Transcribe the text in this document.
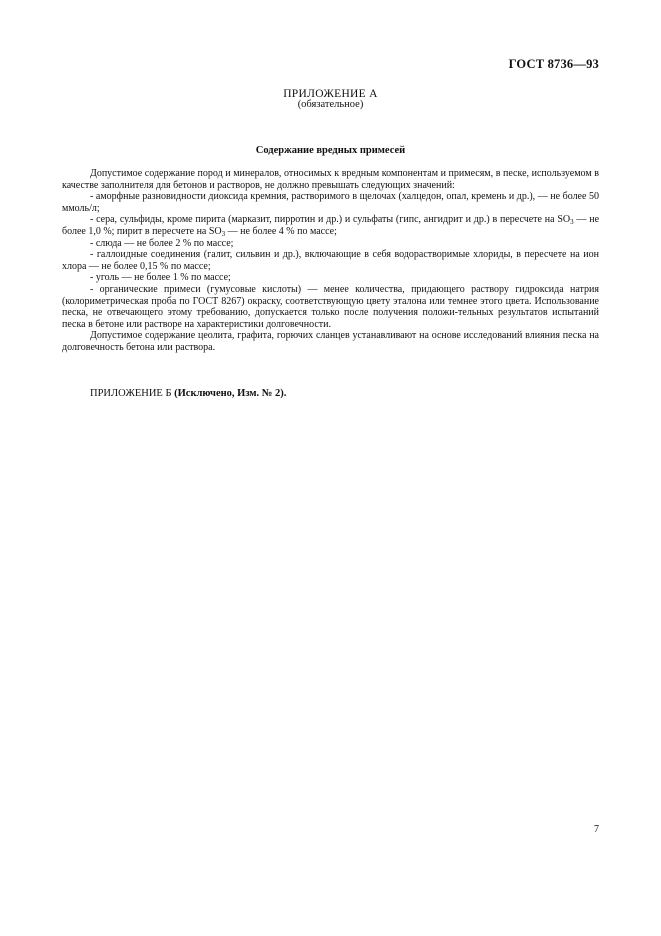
ГОСТ 8736—93
ПРИЛОЖЕНИЕ А
(обязательное)
Содержание вредных примесей

Допустимое содержание пород и минералов, относимых к вредным компонентам и примесям, в песке, используемом в качестве заполнителя для бетонов и растворов, не должно превышать следующих значений:

- аморфные разновидности диоксида кремния, растворимого в щелочах (халцедон, опал, кремень и др.), — не более 50 ммоль/л;

- сера, сульфиды, кроме пирита (марказит, пирротин и др.) и сульфаты (гипс, ангидрит и др.) в пересчете на $SO_3$ — не более 1,0 %; пирит в пересчете на $SO_3$ — не более 4 % по массе;

- слюда — не более 2 % по массе;

- галлоидные соединения (галит, сильвин и др.), включающие в себя водорастворимые хлориды, в пересчете на ион хлора — не более 0,15 % по массе;

- уголь — не более 1 % по массе;

- органические примеси (гумусовые кислоты) — менее количества, придающего раствору гидроксида натрия (колориметрическая проба по ГОСТ 8267) окраску, соответствующую цвету эталона или темнее этого цвета. Использование песка, не отвечающего этому требованию, допускается только после получения положи-тельных результатов испытаний песка в бетоне или растворе на характеристики долговечности.

Допустимое содержание цеолита, графита, горючих сланцев устанавливают на основе исследований влияния песка на долговечность бетона или раствора.

ПРИЛОЖЕНИЕ Б (Исключено, Изм. № 2).
7
